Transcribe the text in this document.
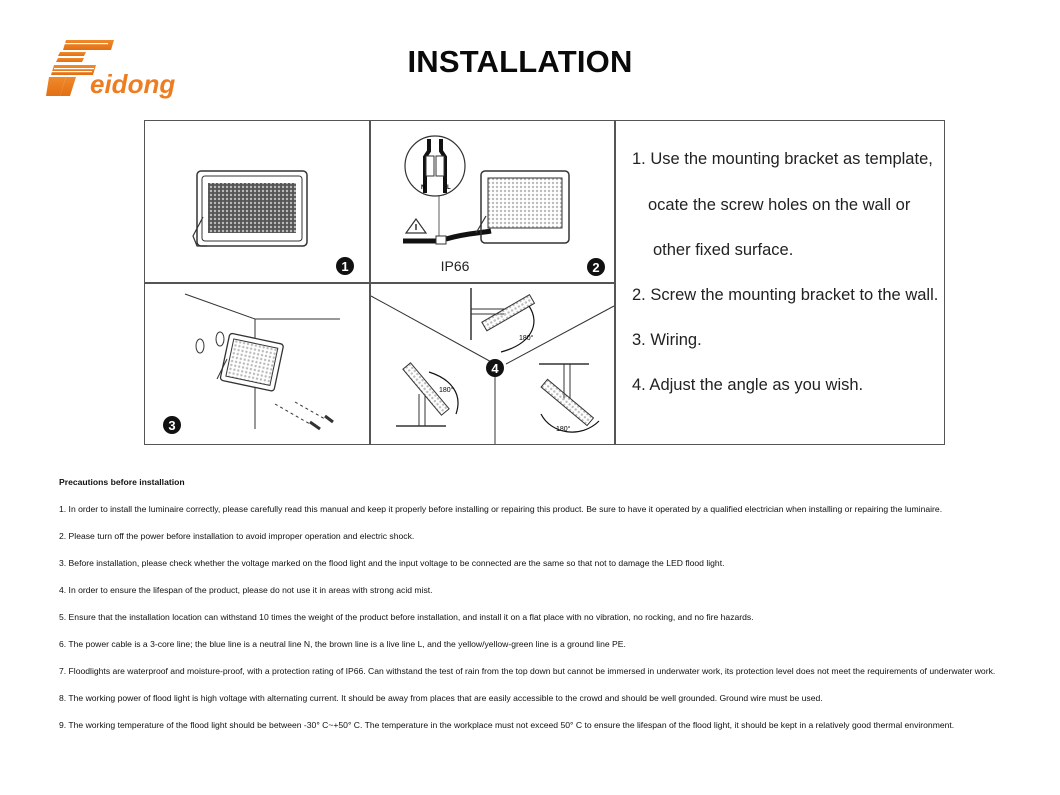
eidong
INSTALLATION
1
N	L
IP66	2
3
180°
180°
180°
4
1. Use the mounting bracket as template,
ocate the screw holes on the wall or
other fixed surface.
2. Screw the mounting bracket to the wall.
3. Wiring.
4. Adjust the angle as you wish.
Precautions before installation

1. In order to install the luminaire correctly, please carefully read this manual and keep it properly before installing or repairing this product. Be sure to have it operated by a qualified electrician when installing or repairing the luminaire.

2. Please turn off the power before installation to avoid improper operation and electric shock.

3. Before installation, please check whether the voltage marked on the flood light and the input voltage to be connected are the same so that not to damage the LED flood light.

4. In order to ensure the lifespan of the product, please do not use it in areas with strong acid mist.

5. Ensure that the installation location can withstand 10 times the weight of the product before installation, and install it on a flat place with no vibration, no rocking, and no fire hazards.

6. The power cable is a 3-core line; the blue line is a neutral line N, the brown line is a live line L, and the yellow/yellow-green line is a ground line PE.

7. Floodlights are waterproof and moisture-proof, with a protection rating of IP66. Can withstand the test of rain from the top down but cannot be immersed in underwater work, its protection level does not meet the requirements of underwater work.

8. The working power of flood light is high voltage with alternating current. It should be away from places that are easily accessible to the crowd and should be well grounded. Ground wire must be used.

9. The working temperature of the flood light should be between -30° C~+50° C. The temperature in the workplace must not exceed 50° C to ensure the lifespan of the flood light, it should be kept in a relatively good thermal environment.
